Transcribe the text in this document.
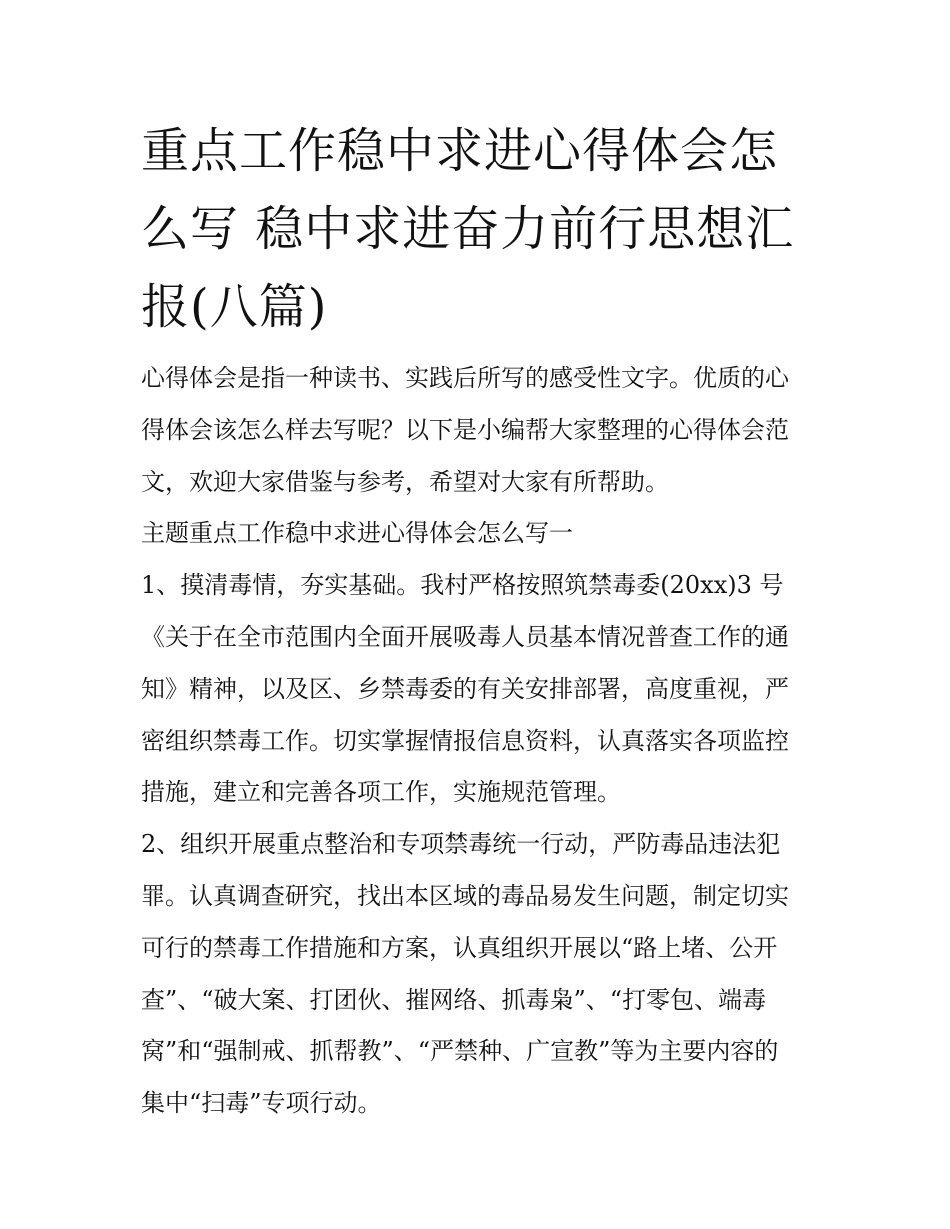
重点工作稳中求进心得体会怎
么写 稳中求进奋力前行思想汇
报(八篇)

心得体会是指一种读书、实践后所写的感受性文字。优质的心
得体会该怎么样去写呢？以下是小编帮大家整理的心得体会范
文，欢迎大家借鉴与参考，希望对大家有所帮助。

主题重点工作稳中求进心得体会怎么写一

1、摸清毒情，夯实基础。我村严格按照筑禁毒委(20xx)3 号
《关于在全市范围内全面开展吸毒人员基本情况普查工作的通
知》精神，以及区、乡禁毒委的有关安排部署，高度重视，严
密组织禁毒工作。切实掌握情报信息资料，认真落实各项监控
措施，建立和完善各项工作，实施规范管理。

2、组织开展重点整治和专项禁毒统一行动，严防毒品违法犯
罪。认真调查研究，找出本区域的毒品易发生问题，制定切实
可行的禁毒工作措施和方案，认真组织开展以“路上堵、公开
查”、“破大案、打团伙、摧网络、抓毒枭”、“打零包、端毒
窝”和“强制戒、抓帮教”、“严禁种、广宣教”等为主要内容的
集中“扫毒”专项行动。
